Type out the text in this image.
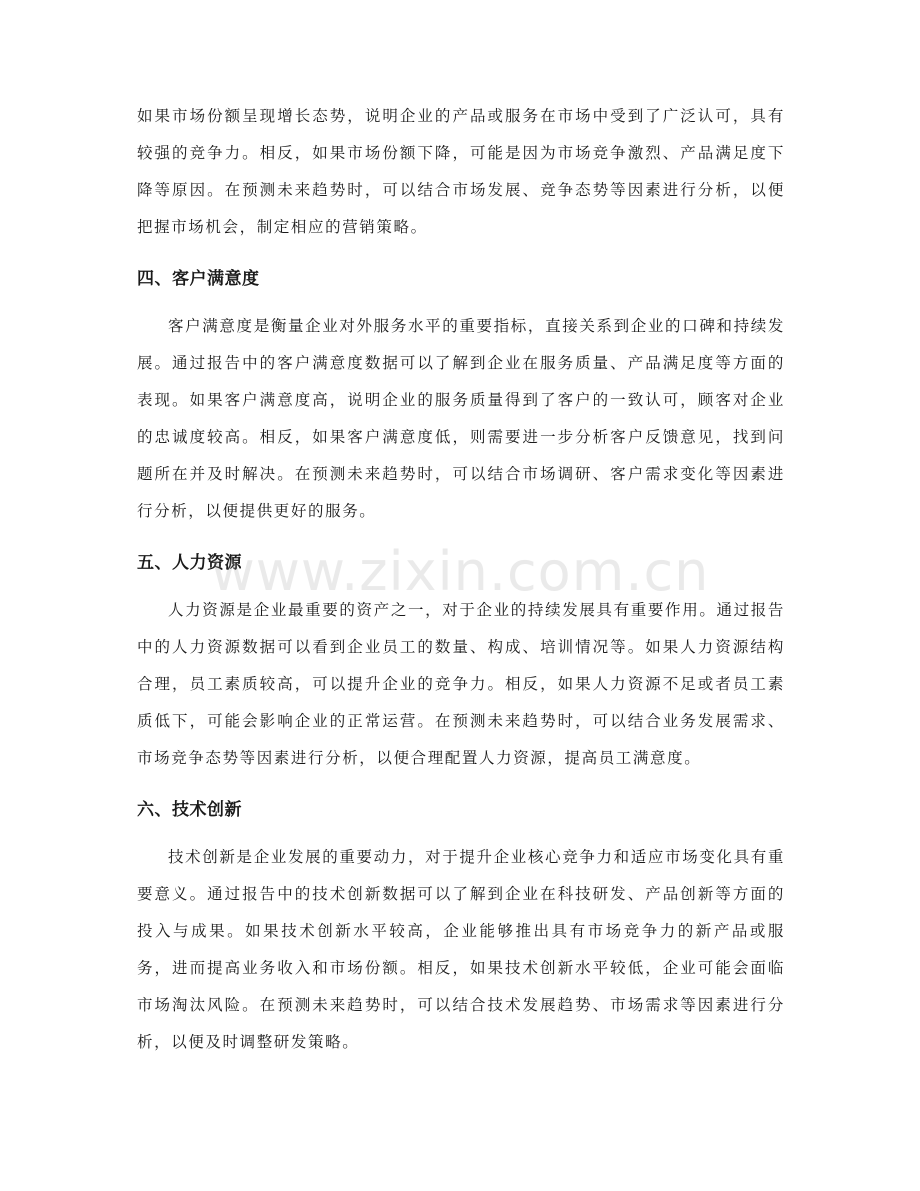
如果市场份额呈现增长态势，说明企业的产品或服务在市场中受到了广泛认可，具有较强的竞争力。相反，如果市场份额下降，可能是因为市场竞争激烈、产品满足度下降等原因。在预测未来趋势时，可以结合市场发展、竞争态势等因素进行分析，以便把握市场机会，制定相应的营销策略。

四、客户满意度

客户满意度是衡量企业对外服务水平的重要指标，直接关系到企业的口碑和持续发展。通过报告中的客户满意度数据可以了解到企业在服务质量、产品满足度等方面的表现。如果客户满意度高，说明企业的服务质量得到了客户的一致认可，顾客对企业的忠诚度较高。相反，如果客户满意度低，则需要进一步分析客户反馈意见，找到问题所在并及时解决。在预测未来趋势时，可以结合市场调研、客户需求变化等因素进行分析，以便提供更好的服务。

五、人力资源

人力资源是企业最重要的资产之一，对于企业的持续发展具有重要作用。通过报告中的人力资源数据可以看到企业员工的数量、构成、培训情况等。如果人力资源结构合理，员工素质较高，可以提升企业的竞争力。相反，如果人力资源不足或者员工素质低下，可能会影响企业的正常运营。在预测未来趋势时，可以结合业务发展需求、市场竞争态势等因素进行分析，以便合理配置人力资源，提高员工满意度。

六、技术创新

技术创新是企业发展的重要动力，对于提升企业核心竞争力和适应市场变化具有重要意义。通过报告中的技术创新数据可以了解到企业在科技研发、产品创新等方面的投入与成果。如果技术创新水平较高，企业能够推出具有市场竞争力的新产品或服务，进而提高业务收入和市场份额。相反，如果技术创新水平较低，企业可能会面临市场淘汰风险。在预测未来趋势时，可以结合技术发展趋势、市场需求等因素进行分析，以便及时调整研发策略。

www.zixin.com.cn
